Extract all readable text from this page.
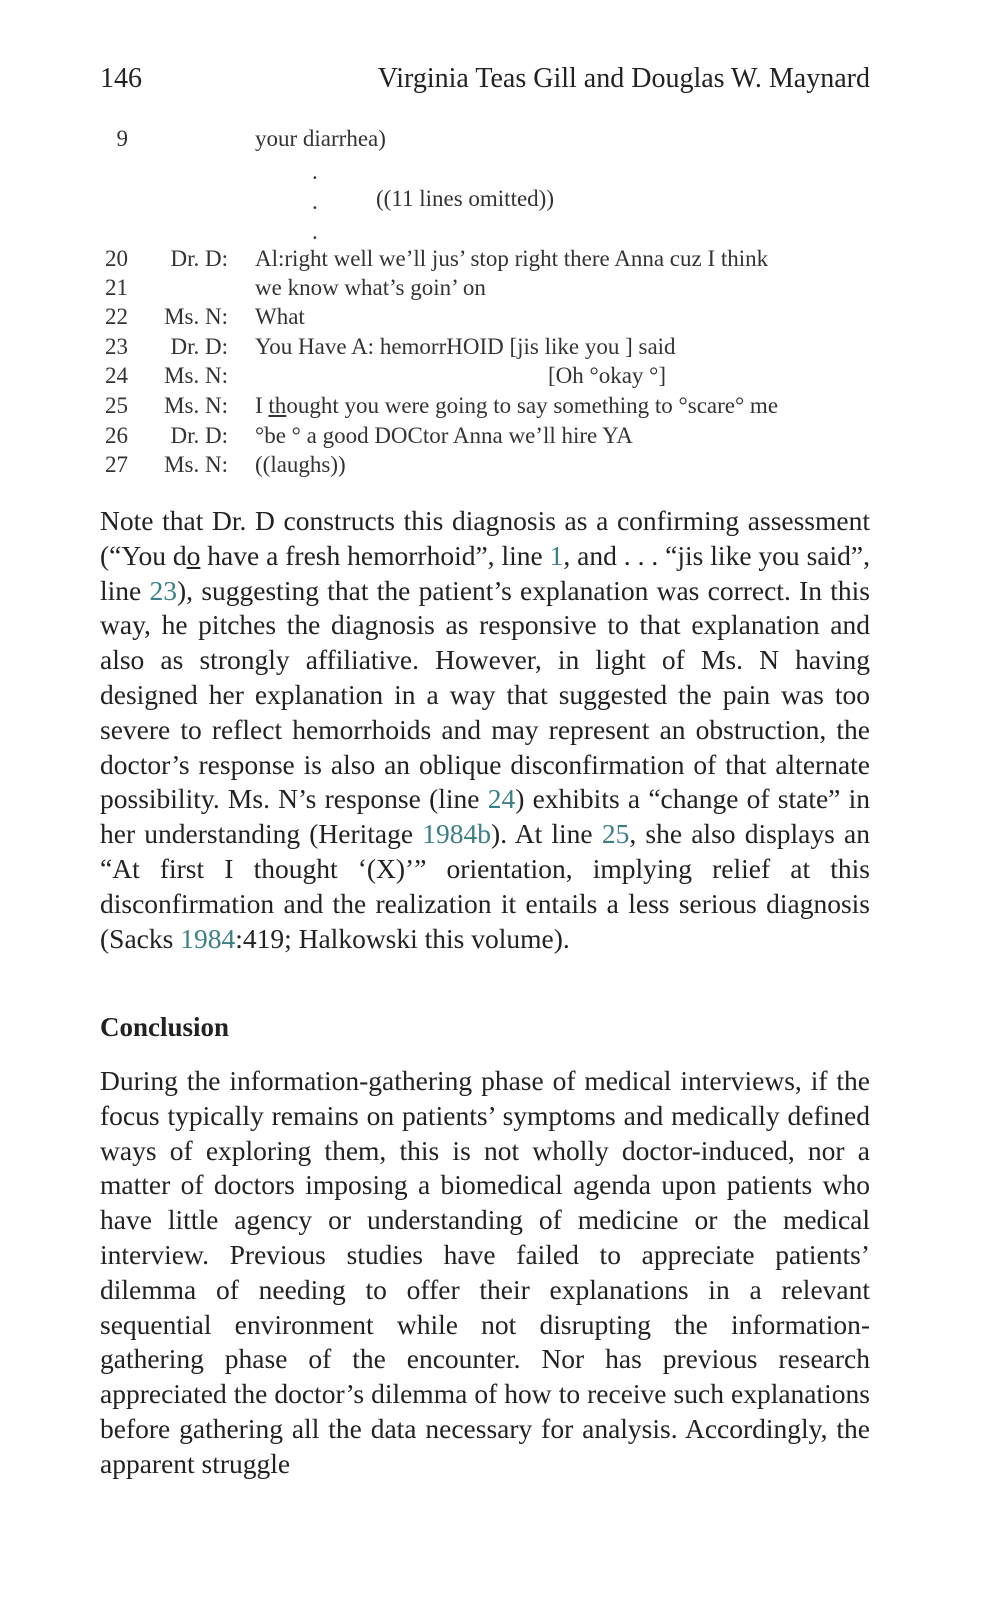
146	Virginia Teas Gill and Douglas W. Maynard
9	your diarrhea)
.
.
.
((11 lines omitted))
20 Dr. D: Al:right well we’ll jus’ stop right there Anna cuz I think
21	we know what’s goin’ on
22 Ms. N: What
23 Dr. D: You Have A: hemorrHOID [jis like you ] said
24 Ms. N:	[Oh °okay °]
25 Ms. N: I thought you were going to say something to °scare° me
26 Dr. D: °be ° a good DOCtor Anna we’ll hire YA
27 Ms. N: ((laughs))
Note that Dr. D constructs this diagnosis as a confirming assessment (“You do have a fresh hemorrhoid”, line 1, and . . . “jis like you said”, line 23), suggesting that the patient’s explanation was correct. In this way, he pitches the diagnosis as responsive to that explanation and also as strongly affiliative. However, in light of Ms. N having designed her explanation in a way that suggested the pain was too severe to reflect hemorrhoids and may represent an obstruction, the doctor’s response is also an oblique disconfirmation of that alternate possibility. Ms. N’s response (line 24) exhibits a “change of state” in her understanding (Heritage 1984b). At line 25, she also displays an “At first I thought ‘(X)’” orientation, implying relief at this disconfirmation and the realization it entails a less serious diagnosis (Sacks 1984:419; Halkowski this volume).
Conclusion
During the information-gathering phase of medical interviews, if the focus typically remains on patients’ symptoms and medically defined ways of exploring them, this is not wholly doctor-induced, nor a matter of doctors imposing a biomedical agenda upon patients who have little agency or understanding of medicine or the medical interview. Previous studies have failed to appreciate patients’ dilemma of needing to offer their explanations in a relevant sequential environment while not disrupting the information-gathering phase of the encounter. Nor has previous research appreciated the doctor’s dilemma of how to receive such explanations before gathering all the data necessary for analysis. Accordingly, the apparent struggle
